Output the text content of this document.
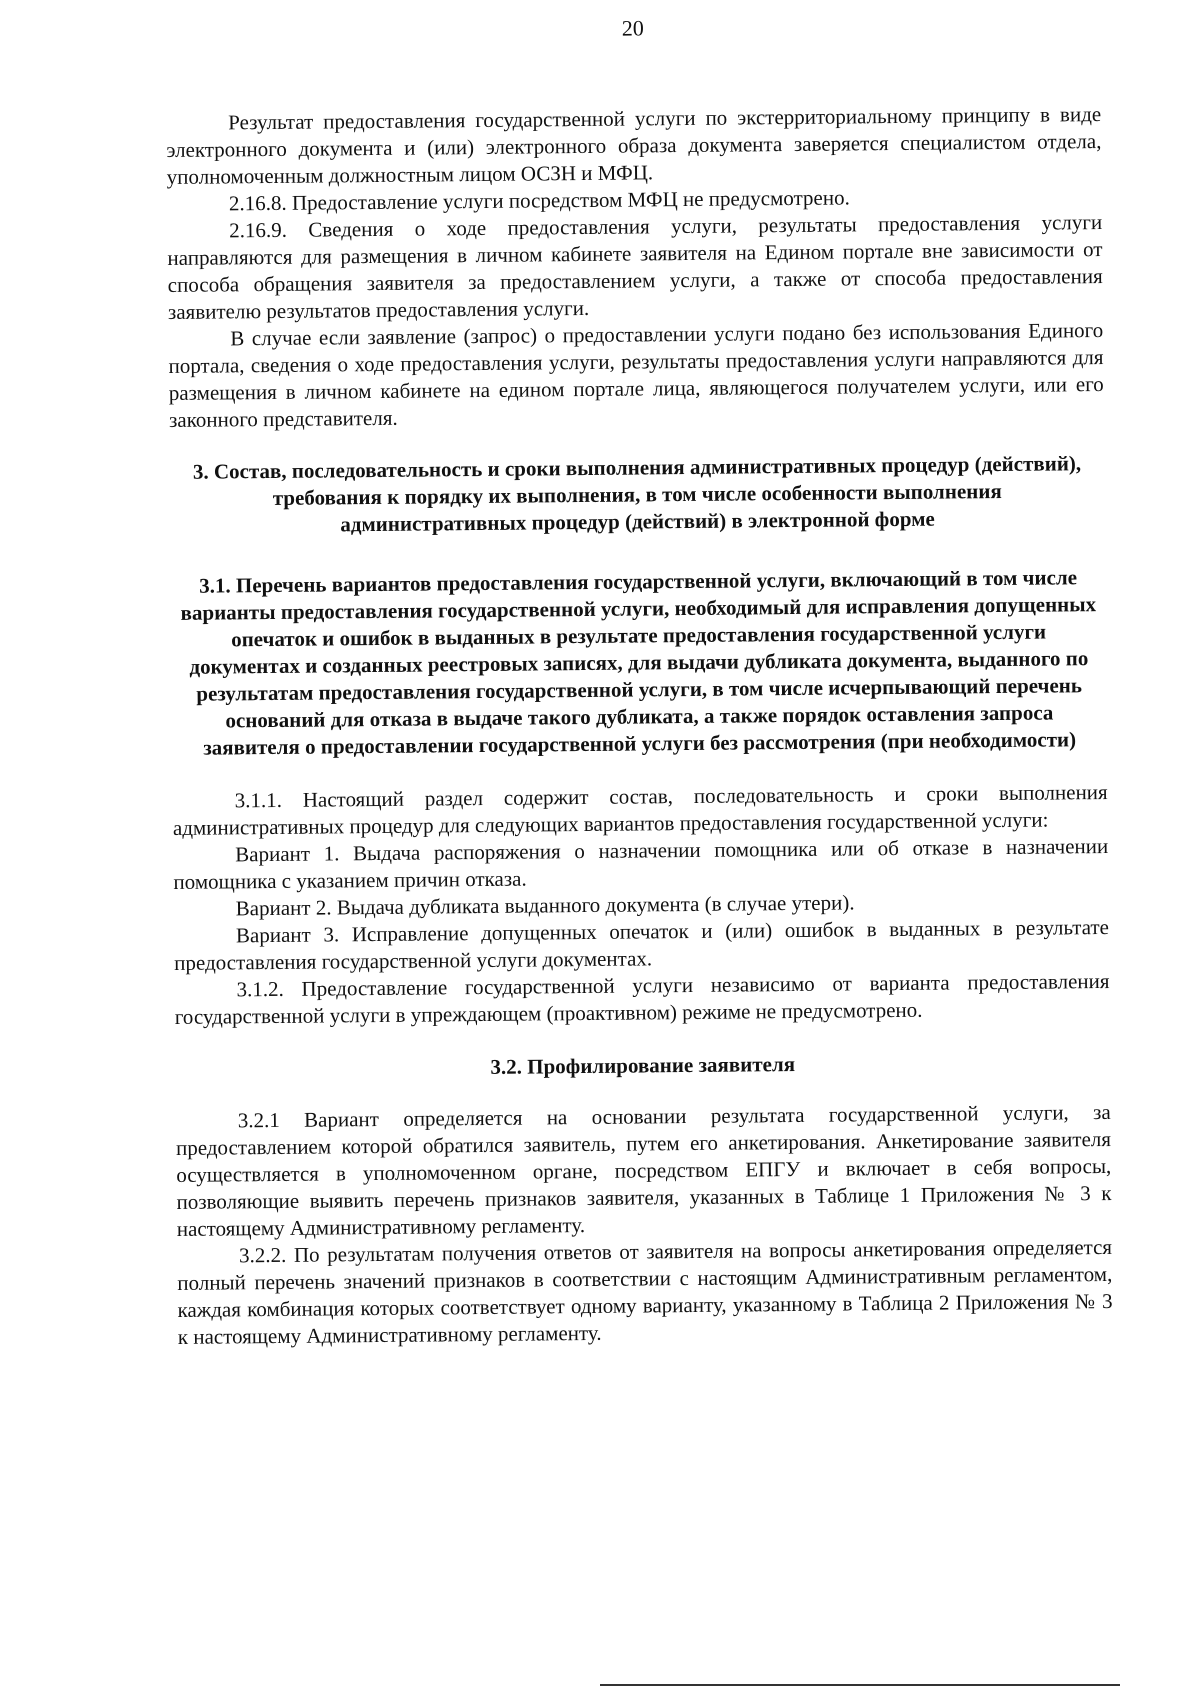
20

Результат предоставления государственной услуги по экстерриториальному принципу в виде электронного документа и (или) электронного образа документа заверяется специалистом отдела, уполномоченным должностным лицом ОСЗН и МФЦ.

2.16.8. Предоставление услуги посредством МФЦ не предусмотрено.

2.16.9. Сведения о ходе предоставления услуги, результаты предоставления услуги направляются для размещения в личном кабинете заявителя на Едином портале вне зависимости от способа обращения заявителя за предоставлением услуги, а также от способа предоставления заявителю результатов предоставления услуги.

В случае если заявление (запрос) о предоставлении услуги подано без использования Единого портала, сведения о ходе предоставления услуги, результаты предоставления услуги направляются для размещения в личном кабинете на едином портале лица, являющегося получателем услуги, или его законного представителя.

3. Состав, последовательность и сроки выполнения административных процедур (действий), требования к порядку их выполнения, в том числе особенности выполнения административных процедур (действий) в электронной форме
3.1. Перечень вариантов предоставления государственной услуги, включающий в том числе варианты предоставления государственной услуги, необходимый для исправления допущенных опечаток и ошибок в выданных в результате предоставления государственной услуги документах и созданных реестровых записях, для выдачи дубликата документа, выданного по результатам предоставления государственной услуги, в том числе исчерпывающий перечень оснований для отказа в выдаче такого дубликата, а также порядок оставления запроса заявителя о предоставлении государственной услуги без рассмотрения (при необходимости)

3.1.1. Настоящий раздел содержит состав, последовательность и сроки выполнения административных процедур для следующих вариантов предоставления государственной услуги:

Вариант 1. Выдача распоряжения о назначении помощника или об отказе в назначении помощника с указанием причин отказа.

Вариант 2. Выдача дубликата выданного документа (в случае утери).

Вариант 3. Исправление допущенных опечаток и (или) ошибок в выданных в результате предоставления государственной услуги документах.

3.1.2. Предоставление государственной услуги независимо от варианта предоставления государственной услуги в упреждающем (проактивном) режиме не предусмотрено.

3.2. Профилирование заявителя

3.2.1 Вариант определяется на основании результата государственной услуги, за предоставлением которой обратился заявитель, путем его анкетирования. Анкетирование заявителя осуществляется в уполномоченном органе, посредством ЕПГУ и включает в себя вопросы, позволяющие выявить перечень признаков заявителя, указанных в Таблице 1 Приложения № 3 к настоящему Административному регламенту.

3.2.2. По результатам получения ответов от заявителя на вопросы анкетирования определяется полный перечень значений признаков в соответствии с настоящим Административным регламентом, каждая комбинация которых соответствует одному варианту, указанному в Таблица 2 Приложения № 3 к настоящему Административному регламенту.
